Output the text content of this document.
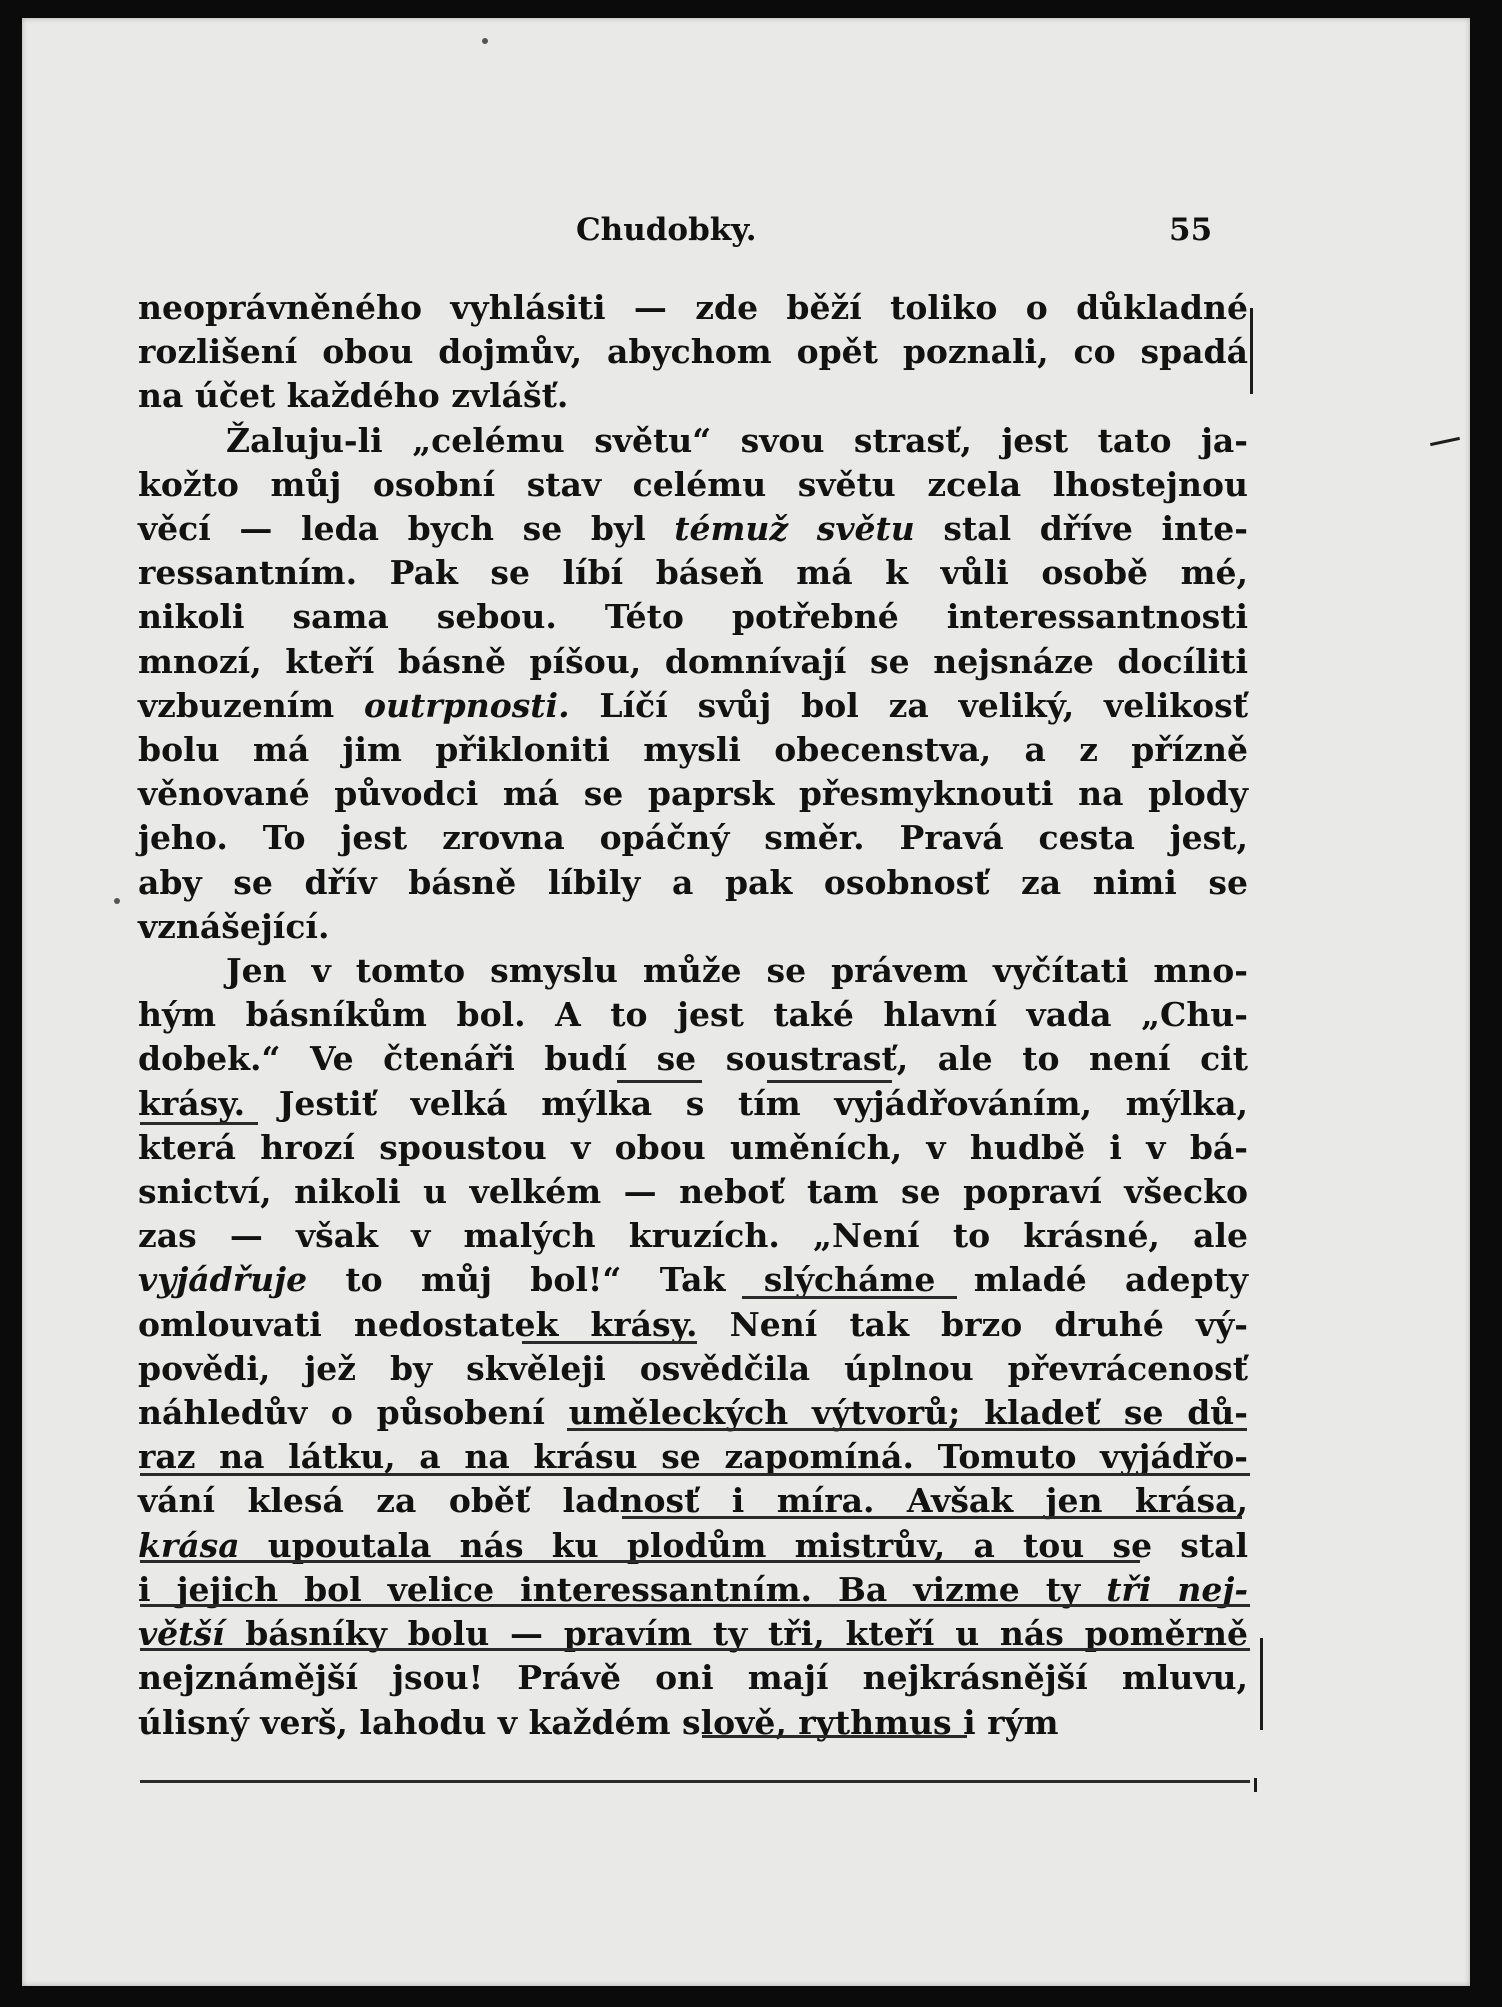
Chudobky.	55
neoprávněného vyhlásiti — zde běží toliko o důkladné
rozlišení obou dojmův, abychom opět poznali, co spadá
na účet každého zvlášť.
Žaluju-li „celému světu“ svou strasť, jest tato ja-
kožto můj osobní stav celému světu zcela lhostejnou
věcí — leda bych se byl témuž světu stal dříve inte-
ressantním. Pak se líbí báseň má k vůli osobě mé,
nikoli sama sebou. Této potřebné interessantnosti
mnozí, kteří básně píšou, domnívají se nejsnáze docíliti
vzbuzením outrpnosti. Líčí svůj bol za veliký, velikosť
bolu má jim přikloniti mysli obecenstva, a z přízně
věnované původci má se paprsk přesmyknouti na plody
jeho. To jest zrovna opáčný směr. Pravá cesta jest,
aby se dřív básně líbily a pak osobnosť za nimi se
vznášející.
Jen v tomto smyslu může se právem vyčítati mno-
hým básníkům bol. A to jest také hlavní vada „Chu-
dobek.“ Ve čtenáři budí se soustrasť, ale to není cit
krásy. Jestiť velká mýlka s tím vyjádřováním, mýlka,
která hrozí spoustou v obou uměních, v hudbě i v bá-
snictví, nikoli u velkém — neboť tam se popraví všecko
zas — však v malých kruzích. „Není to krásné, ale
vyjádřuje to můj bol!“ Tak slýcháme mladé adepty
omlouvati nedostatek krásy. Není tak brzo druhé vý-
povědi, jež by skvěleji osvědčila úplnou převrácenosť
náhledův o působení uměleckých výtvorů; kladeť se dů-
raz na látku, a na krásu se zapomíná. Tomuto vyjádřo-
vání klesá za oběť ladnosť i míra. Avšak jen krása,
krása upoutala nás ku plodům mistrův, a tou se stal
i jejich bol velice interessantním. Ba vizme ty tři nej-
větší básníky bolu — pravím ty tři, kteří u nás poměrně
nejznámější jsou! Právě oni mají nejkrásnější mluvu,
úlisný verš, lahodu v každém slově, rythmus i rým
